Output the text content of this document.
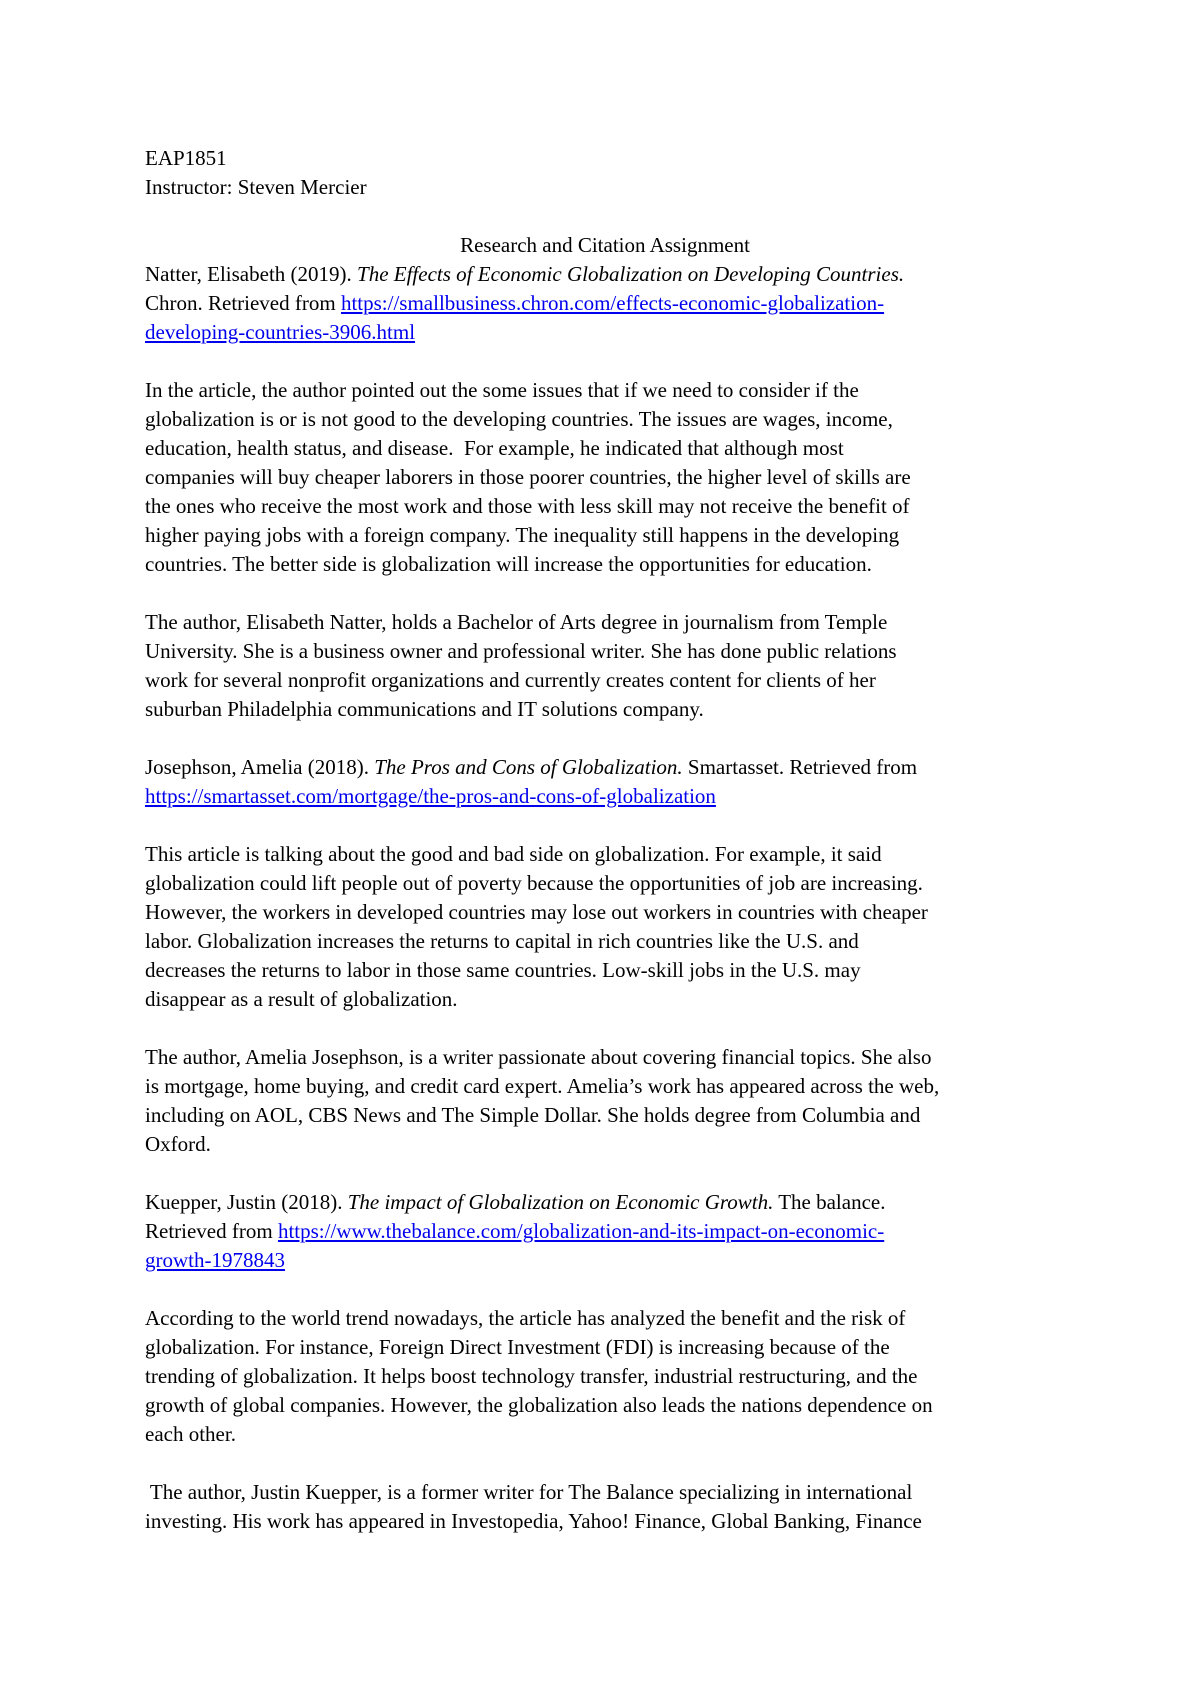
EAP1851
Instructor: Steven Mercier
Research and Citation Assignment
Natter, Elisabeth (2019). The Effects of Economic Globalization on Developing Countries.
Chron. Retrieved from https://smallbusiness.chron.com/effects-economic-globalization-
developing-countries-3906.html
In the article, the author pointed out the some issues that if we need to consider if the
globalization is or is not good to the developing countries. The issues are wages, income,
education, health status, and disease.  For example, he indicated that although most
companies will buy cheaper laborers in those poorer countries, the higher level of skills are
the ones who receive the most work and those with less skill may not receive the benefit of
higher paying jobs with a foreign company. The inequality still happens in the developing
countries. The better side is globalization will increase the opportunities for education.
The author, Elisabeth Natter, holds a Bachelor of Arts degree in journalism from Temple
University. She is a business owner and professional writer. She has done public relations
work for several nonprofit organizations and currently creates content for clients of her
suburban Philadelphia communications and IT solutions company.
Josephson, Amelia (2018). The Pros and Cons of Globalization. Smartasset. Retrieved from
https://smartasset.com/mortgage/the-pros-and-cons-of-globalization
This article is talking about the good and bad side on globalization. For example, it said
globalization could lift people out of poverty because the opportunities of job are increasing.
However, the workers in developed countries may lose out workers in countries with cheaper
labor. Globalization increases the returns to capital in rich countries like the U.S. and
decreases the returns to labor in those same countries. Low-skill jobs in the U.S. may
disappear as a result of globalization.
The author, Amelia Josephson, is a writer passionate about covering financial topics. She also
is mortgage, home buying, and credit card expert. Amelia’s work has appeared across the web,
including on AOL, CBS News and The Simple Dollar. She holds degree from Columbia and
Oxford.
Kuepper, Justin (2018). The impact of Globalization on Economic Growth. The balance.
Retrieved from https://www.thebalance.com/globalization-and-its-impact-on-economic-
growth-1978843
According to the world trend nowadays, the article has analyzed the benefit and the risk of
globalization. For instance, Foreign Direct Investment (FDI) is increasing because of the
trending of globalization. It helps boost technology transfer, industrial restructuring, and the
growth of global companies. However, the globalization also leads the nations dependence on
each other.
The author, Justin Kuepper, is a former writer for The Balance specializing in international
investing. His work has appeared in Investopedia, Yahoo! Finance, Global Banking, Finance
